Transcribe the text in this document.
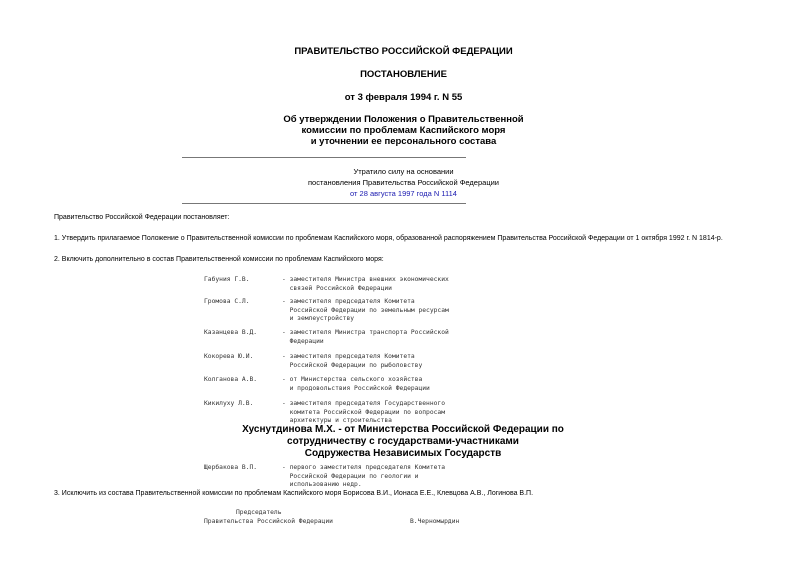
ПРАВИТЕЛЬСТВО РОССИЙСКОЙ ФЕДЕРАЦИИ
ПОСТАНОВЛЕНИЕ
от 3 февраля 1994 г. N 55
Об утверждении Положения о Правительственной
комиссии по проблемам Каспийского моря
и уточнении ее персонального состава
Утратило силу на основании
постановления Правительства Российской Федерации
от 28 августа 1997 года N 1114
Правительство Российской Федерации постановляет:
1. Утвердить прилагаемое Положение о Правительственной комиссии по проблемам Каспийского моря, образованной распоряжением Правительства Российской Федерации от 1 октября 1992 г. N 1814-р.
2. Включить дополнительно в состав Правительственной комиссии по проблемам Каспийского моря:
Габуния Г.В.	- заместителя Министра внешних экономических
связей Российской Федерации
Громова С.Л.	- заместителя председателя Комитета
Российской Федерации по земельным ресурсам
и землеустройству
Казанцева В.Д.	- заместителя Министра транспорта Российской
Федерации
Кокорева Ю.И.	- заместителя председателя Комитета
Российской Федерации по рыболовству
Колганова А.В.	- от Министерства сельского хозяйства
и продовольствия Российской Федерации
Кикилуху Л.В.	- заместителя председателя Государственного
комитета Российской Федерации по вопросам
архитектуры и строительства
Хуснутдинова М.Х. - от Министерства Российской Федерации по
сотрудничеству с государствами-участниками
Содружества Независимых Государств
Щербакова В.П.	- первого заместителя председателя Комитета
Российской Федерации по геологии и
использованию недр.
3. Исключить из состава Правительственной комиссии по проблемам Каспийского моря Борисова В.И., Ионаса Е.Е., Клевцова А.В., Логинова В.П.
Председатель
Правительства Российской Федерации	В.Черномырдин
